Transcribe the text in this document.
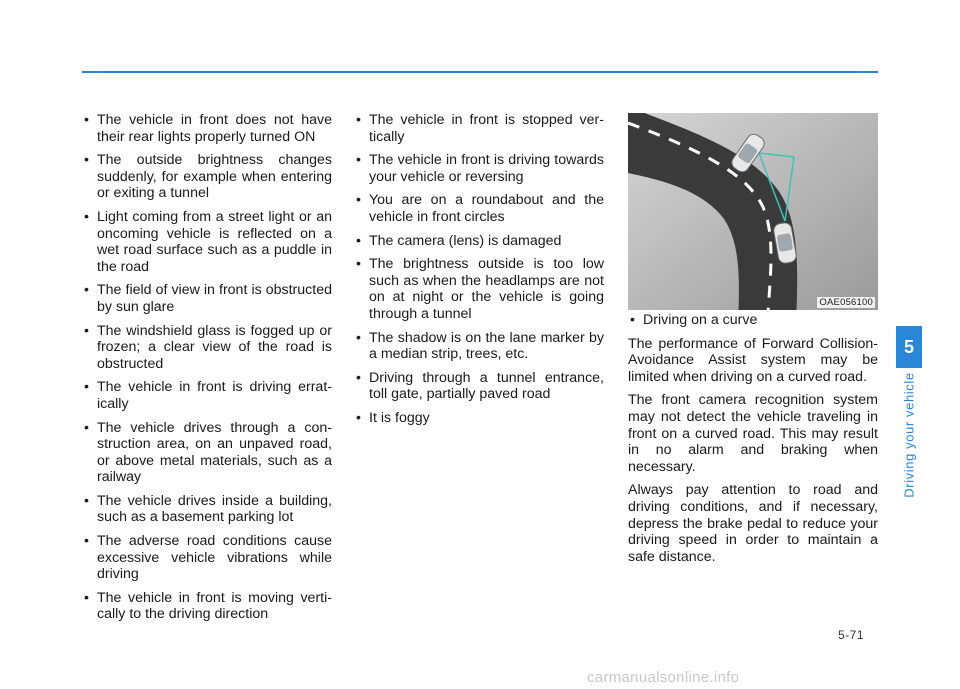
• The vehicle in front does not have their rear lights properly turned ON
• The outside brightness changes suddenly, for example when entering or exiting a tunnel
• Light coming from a street light or an oncoming vehicle is reflected on a wet road surface such as a puddle in the road
• The field of view in front is obstructed by sun glare
• The windshield glass is fogged up or frozen; a clear view of the road is obstructed
• The vehicle in front is driving erratically
• The vehicle drives through a construction area, on an unpaved road, or above metal materials, such as a railway
• The vehicle drives inside a building, such as a basement parking lot
• The adverse road conditions cause excessive vehicle vibrations while driving
• The vehicle in front is moving vertically to the driving direction
• The vehicle in front is stopped vertically
• The vehicle in front is driving towards your vehicle or reversing
• You are on a roundabout and the vehicle in front circles
• The camera (lens) is damaged
• The brightness outside is too low such as when the headlamps are not on at night or the vehicle is going through a tunnel
• The shadow is on the lane marker by a median strip, trees, etc.
• Driving through a tunnel entrance, toll gate, partially paved road
• It is foggy
OAE056100
• Driving on a curve

The performance of Forward Collision-Avoidance Assist system may be limited when driving on a curved road.

The front camera recognition system may not detect the vehicle traveling in front on a curved road. This may result in no alarm and braking when necessary.

Always pay attention to road and driving conditions, and if necessary, depress the brake pedal to reduce your driving speed in order to maintain a safe distance.

5
Driving your vehicle
5-71
carmanualsonline.info
